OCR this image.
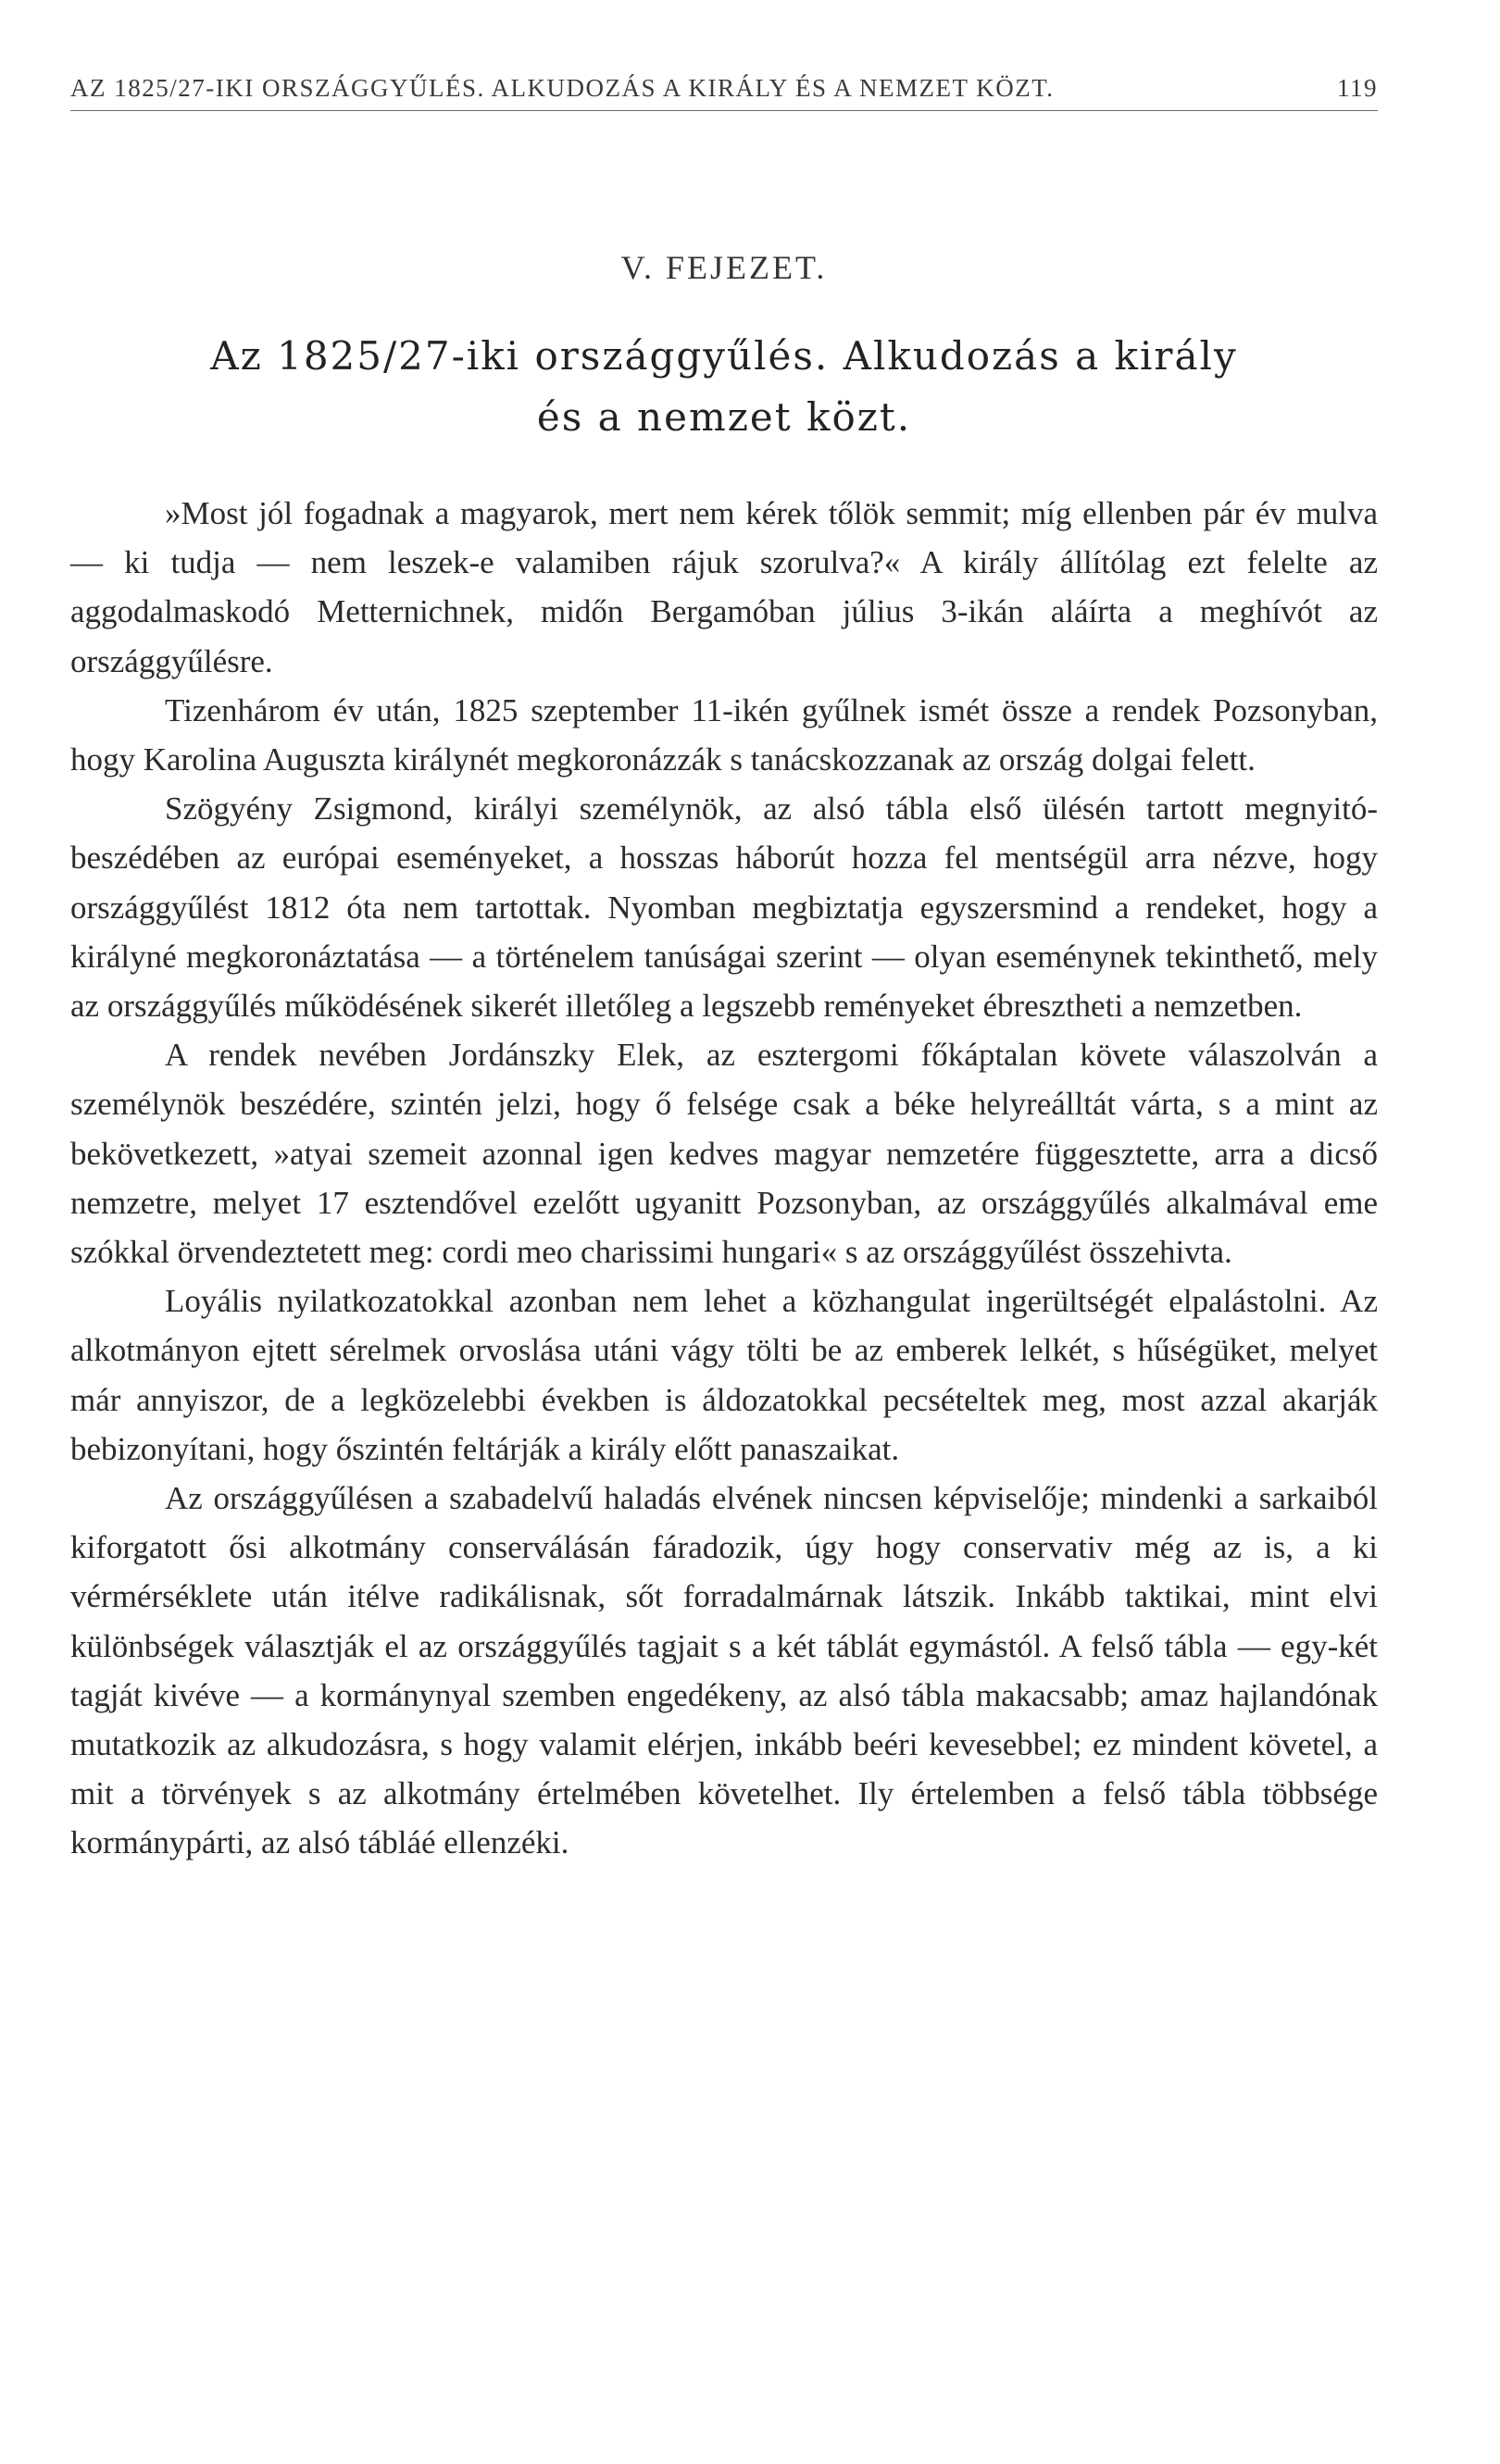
AZ 1825/27-IKI ORSZÁGGYŰLÉS. ALKUDOZÁS A KIRÁLY ÉS A NEMZET KÖZT.	119
V. FEJEZET.
Az 1825/27-iki országgyűlés. Alkudozás a király
és a nemzet közt.

»Most jól fogadnak a magyarok, mert nem kérek tőlök semmit; míg ellenben pár év mulva — ki tudja — nem leszek-e valamiben rájuk szorulva?« A király állítólag ezt felelte az aggodalmaskodó Metternichnek, midőn Bergamóban július 3-ikán aláírta a meghívót az országgyűlésre.

Tizenhárom év után, 1825 szeptember 11-ikén gyűlnek ismét össze a rendek Pozsonyban, hogy Karolina Auguszta királynét megkoronázzák s tanácskozzanak az ország dolgai felett.

Szögyény Zsigmond, királyi személynök, az alsó tábla első ülésén tartott megnyitó-beszédében az európai eseményeket, a hosszas háborút hozza fel mentségül arra nézve, hogy országgyűlést 1812 óta nem tartottak. Nyomban megbiztatja egyszersmind a rendeket, hogy a királyné megkoronáztatása — a történelem tanúságai szerint — olyan eseménynek tekinthető, mely az országgyűlés működésének sikerét illetőleg a legszebb reményeket ébresztheti a nemzetben.

A rendek nevében Jordánszky Elek, az esztergomi főkáptalan követe válaszolván a személynök beszédére, szintén jelzi, hogy ő felsége csak a béke helyreálltát várta, s a mint az bekövetkezett, »atyai szemeit azonnal igen kedves magyar nemzetére függesztette, arra a dicső nemzetre, melyet 17 esztendővel ezelőtt ugyanitt Pozsonyban, az országgyűlés alkalmával eme szókkal örvendeztetett meg: cordi meo charissimi hungari« s az országgyűlést összehivta.

Loyális nyilatkozatokkal azonban nem lehet a közhangulat ingerültségét elpalástolni. Az alkotmányon ejtett sérelmek orvoslása utáni vágy tölti be az emberek lelkét, s hűségüket, melyet már annyiszor, de a legközelebbi években is áldozatokkal pecsételtek meg, most azzal akarják bebizonyítani, hogy őszintén feltárják a király előtt panaszaikat.

Az országgyűlésen a szabadelvű haladás elvének nincsen képviselője; mindenki a sarkaiból kiforgatott ősi alkotmány conserválásán fáradozik, úgy hogy conservativ még az is, a ki vérmérséklete után itélve radikálisnak, sőt forradalmárnak látszik. Inkább taktikai, mint elvi különbségek választják el az országgyűlés tagjait s a két táblát egymástól. A felső tábla — egy-két tagját kivéve — a kormánynyal szemben engedékeny, az alsó tábla makacsabb; amaz hajlandónak mutatkozik az alkudozásra, s hogy valamit elérjen, inkább beéri kevesebbel; ez mindent követel, a mit a törvények s az alkotmány értelmében követelhet. Ily értelemben a felső tábla többsége kormánypárti, az alsó tábláé ellenzéki.
